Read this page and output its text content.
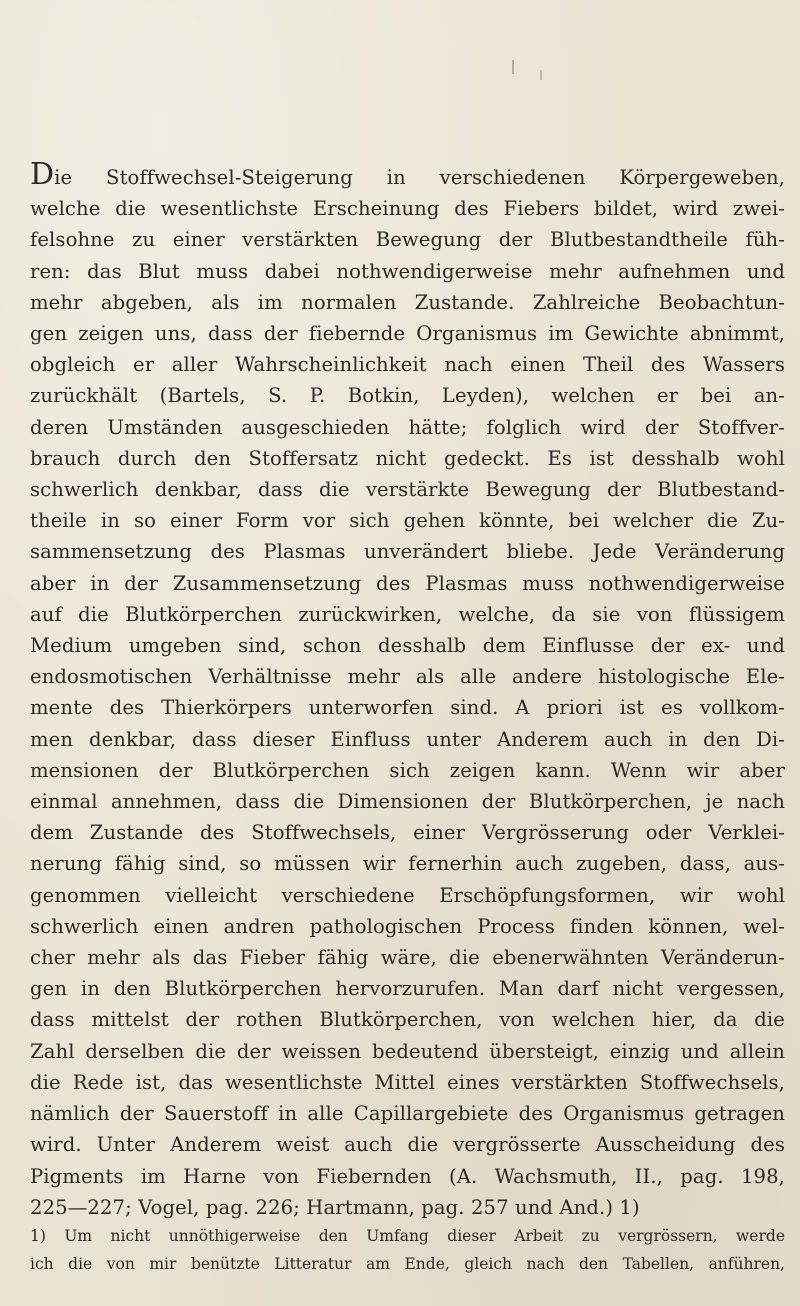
Die Stoffwechsel-Steigerung in verschiedenen Körpergeweben,
welche die wesentlichste Erscheinung des Fiebers bildet, wird zwei-
felsohne zu einer verstärkten Bewegung der Blutbestandtheile füh-
ren: das Blut muss dabei nothwendigerweise mehr aufnehmen und
mehr abgeben, als im normalen Zustande. Zahlreiche Beobachtun-
gen zeigen uns, dass der fiebernde Organismus im Gewichte abnimmt,
obgleich er aller Wahrscheinlichkeit nach einen Theil des Wassers
zurückhält (Bartels, S. P. Botkin, Leyden), welchen er bei an-
deren Umständen ausgeschieden hätte; folglich wird der Stoffver-
brauch durch den Stoffersatz nicht gedeckt. Es ist desshalb wohl
schwerlich denkbar, dass die verstärkte Bewegung der Blutbestand-
theile in so einer Form vor sich gehen könnte, bei welcher die Zu-
sammensetzung des Plasmas unverändert bliebe. Jede Veränderung
aber in der Zusammensetzung des Plasmas muss nothwendigerweise
auf die Blutkörperchen zurückwirken, welche, da sie von flüssigem
Medium umgeben sind, schon desshalb dem Einflusse der ex- und
endosmotischen Verhältnisse mehr als alle andere histologische Ele-
mente des Thierkörpers unterworfen sind. A priori ist es vollkom-
men denkbar, dass dieser Einfluss unter Anderem auch in den Di-
mensionen der Blutkörperchen sich zeigen kann. Wenn wir aber
einmal annehmen, dass die Dimensionen der Blutkörperchen, je nach
dem Zustande des Stoffwechsels, einer Vergrösserung oder Verklei-
nerung fähig sind, so müssen wir fernerhin auch zugeben, dass, aus-
genommen vielleicht verschiedene Erschöpfungsformen, wir wohl
schwerlich einen andren pathologischen Process finden können, wel-
cher mehr als das Fieber fähig wäre, die ebenerwähnten Veränderun-
gen in den Blutkörperchen hervorzurufen. Man darf nicht vergessen,
dass mittelst der rothen Blutkörperchen, von welchen hier, da die
Zahl derselben die der weissen bedeutend übersteigt, einzig und allein
die Rede ist, das wesentlichste Mittel eines verstärkten Stoffwechsels,
nämlich der Sauerstoff in alle Capillargebiete des Organismus getragen
wird. Unter Anderem weist auch die vergrösserte Ausscheidung des
Pigments im Harne von Fiebernden (A. Wachsmuth, II., pag. 198,
225—227; Vogel, pag. 226; Hartmann, pag. 257 und And.) 1)
1) Um nicht unnöthigerweise den Umfang dieser Arbeit zu vergrössern, werde
ich die von mir benützte Litteratur am Ende, gleich nach den Tabellen, anführen,
